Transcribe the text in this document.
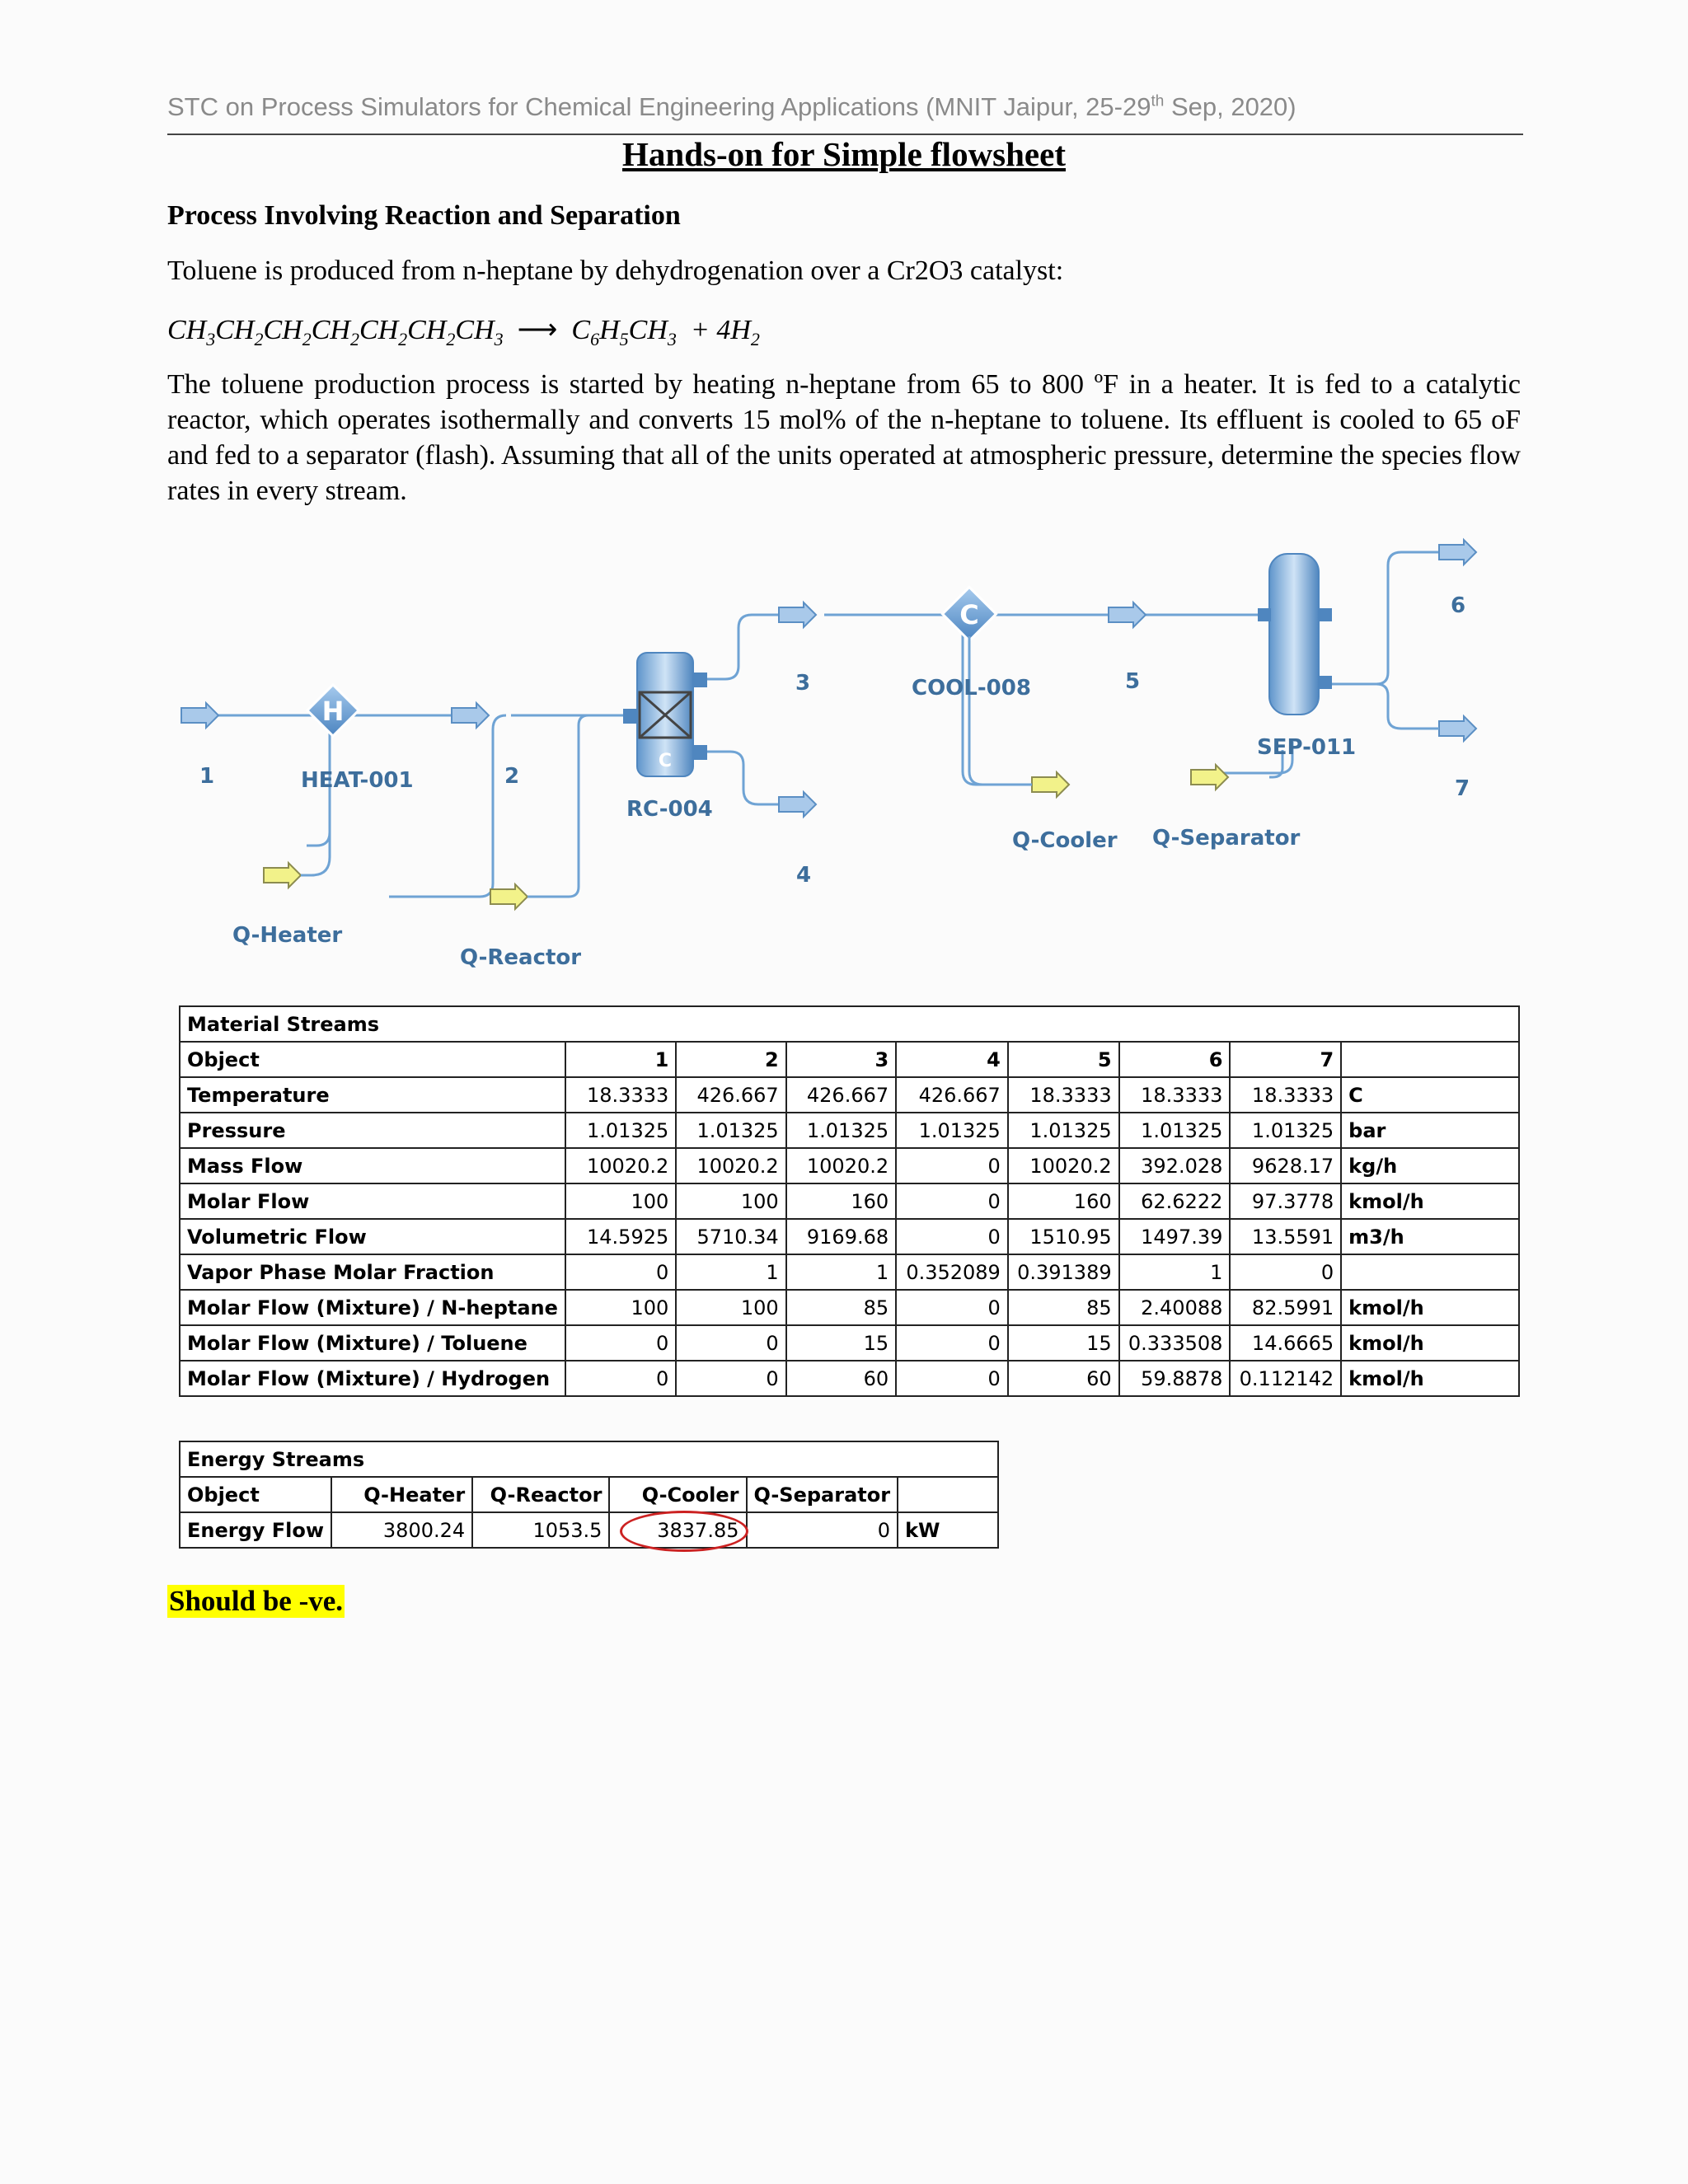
STC on Process Simulators for Chemical Engineering Applications (MNIT Jaipur, 25-29th Sep, 2020)
Hands-on for Simple flowsheet
Process Involving Reaction and Separation
Toluene is produced from n-heptane by dehydrogenation over a Cr2O3 catalyst:
$CH_3CH_2CH_2CH_2CH_2CH_2CH_3$ ⟶ $C_6H_5CH_3 + 4H_2$
The toluene production process is started by heating n-heptane from 65 to 800 ºF in a heater. It is fed to a catalytic reactor, which operates isothermally and converts 15 mol% of the n-heptane to toluene. Its effluent is cooled to 65 oF and fed to a separator (flash). Assuming that all of the units operated at atmospheric pressure, determine the species flow rates in every stream.
H
C
C
1	HEAT-001	2
RC-004
3
4
COOL-008	5
SEP-011
6
7
Q-Cooler Q-Separator
Q-Heater
Q-Reactor
Material Streams								
Object	1	2	3	4	5	6	7	
Temperature	18.3333	426.667	426.667	426.667	18.3333	18.3333	18.3333	C
Pressure	1.01325	1.01325	1.01325	1.01325	1.01325	1.01325	1.01325	bar
Mass Flow	10020.2	10020.2	10020.2	0	10020.2	392.028	9628.17	kg/h
Molar Flow	100	100	160	0	160	62.6222	97.3778	kmol/h
Volumetric Flow	14.5925	5710.34	9169.68	0	1510.95	1497.39	13.5591	m3/h
Vapor Phase Molar Fraction	0	1	1	0.352089	0.391389	1	0	
Molar Flow (Mixture) / N-heptane	100	100	85	0	85	2.40088	82.5991	kmol/h
Molar Flow (Mixture) / Toluene	0	0	15	0	15	0.333508	14.6665	kmol/h
Molar Flow (Mixture) / Hydrogen	0	0	60	0	60	59.8878	0.112142	kmol/h
Energy Streams					
Object	Q-Heater	Q-Reactor	Q-Cooler	Q-Separator	
Energy Flow	3800.24	1053.5	3837.85	0	kW
Should be -ve.
